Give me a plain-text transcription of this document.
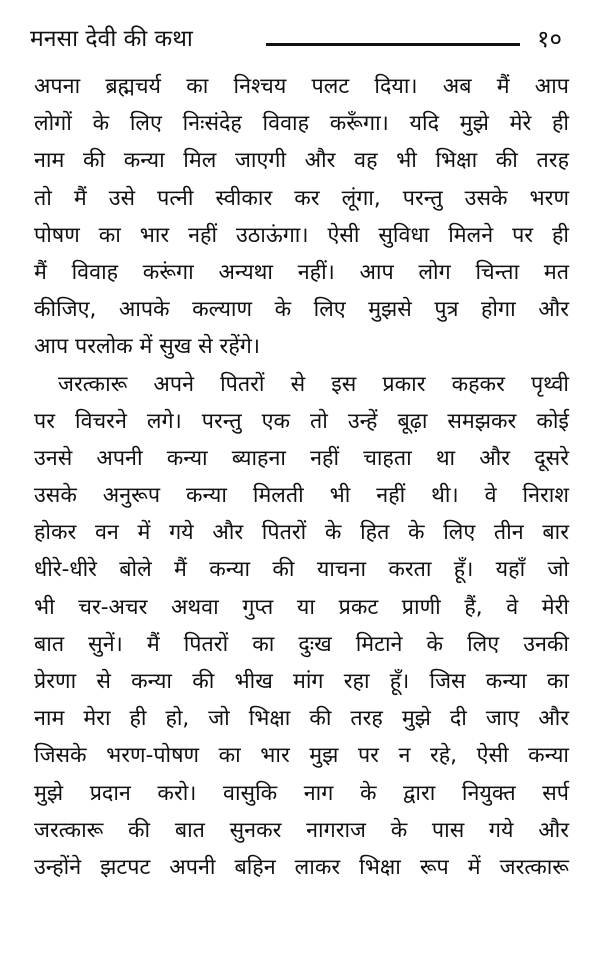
मनसा देवी की कथा	१०
अपना ब्रह्मचर्य का निश्चय पलट दिया। अब मैं आप
लोगों के लिए निःसंदेह विवाह करूँगा। यदि मुझे मेरे ही
नाम की कन्या मिल जाएगी और वह भी भिक्षा की तरह
तो मैं उसे पत्नी स्वीकार कर लूंगा, परन्तु उसके भरण
पोषण का भार नहीं उठाऊंगा। ऐसी सुविधा मिलने पर ही
मैं विवाह करूंगा अन्यथा नहीं। आप लोग चिन्ता मत
कीजिए, आपके कल्याण के लिए मुझसे पुत्र होगा और
आप परलोक में सुख से रहेंगे।
जरत्कारू अपने पितरों से इस प्रकार कहकर पृथ्वी
पर विचरने लगे। परन्तु एक तो उन्हें बूढ़ा समझकर कोई
उनसे अपनी कन्या ब्याहना नहीं चाहता था और दूसरे
उसके अनुरूप कन्या मिलती भी नहीं थी। वे निराश
होकर वन में गये और पितरों के हित के लिए तीन बार
धीरे-धीरे बोले मैं कन्या की याचना करता हूँ। यहाँ जो
भी चर-अचर अथवा गुप्त या प्रकट प्राणी हैं, वे मेरी
बात सुनें। मैं पितरों का दुःख मिटाने के लिए उनकी
प्रेरणा से कन्या की भीख मांग रहा हूँ। जिस कन्या का
नाम मेरा ही हो, जो भिक्षा की तरह मुझे दी जाए और
जिसके भरण-पोषण का भार मुझ पर न रहे, ऐसी कन्या
मुझे प्रदान करो। वासुकि नाग के द्वारा नियुक्त सर्प
जरत्कारू की बात सुनकर नागराज के पास गये और
उन्होंने झटपट अपनी बहिन लाकर भिक्षा रूप में जरत्कारू
